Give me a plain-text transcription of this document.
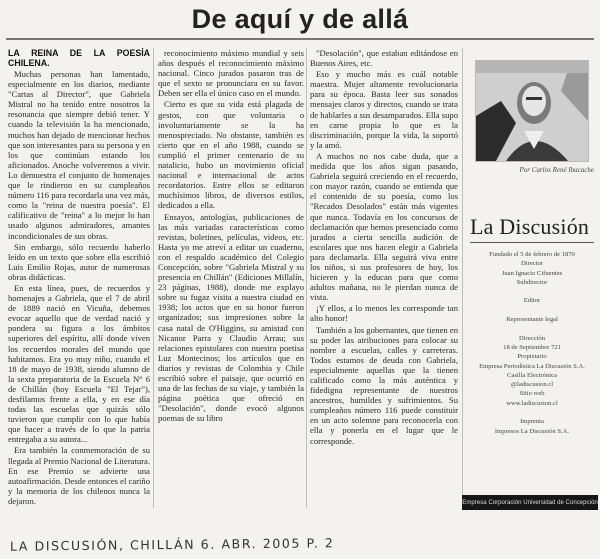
De aquí y de allá

LA REINA DE LA POESÍA CHILENA.

Muchas personas han lamentado, especialmente en los diarios, mediante "Cartas al Director", que Gabriela Mistral no ha tenido entre nosotros la resonancia que siempre debió tener. Y cuando la televisión la ha mencionado, muchos han dejado de mencionar hechos que son interesantes para su persona y en los que continúan estando los aficionados. Anoche volveremos a vivir. Lo demuestra el conjunto de homenajes que le rindieron en su cumpleaños número 116 para recordarla una vez más, como la "reina de nuestra poesía". El calificativo de "reina" a lo mejor lo han usado algunos admiradores, amantes incondicionales de sus obras.

Sin embargo, sólo recuerdo haberlo leído en un texto que sobre ella escribió Luis Emilio Rojas, autor de numerosas obras didácticas.

En esta línea, pues, de recuerdos y homenajes a Gabriela, que el 7 de abril de 1889 nació en Vicuña, debemos evocar aquello que de verdad nació y pondera su figura a los ámbitos superiores del espíritu, allí donde viven los recuerdos morales del mundo que habitamos. Era yo muy niño, cuando el 18 de mayo de 1938, siendo alumno de la sexta preparatoria de la Escuela N° 6 de Chillán (hoy Escuela "El Tejar"), desfilamos frente a ella, y en ese día todas las escuelas que quizás sólo tuvieron que cumplir con lo que había que hacer a través de lo que la patria entregaba a su autora...

Era también la conmemoración de su llegada al Premio Nacional de Literatura. En ese Premio se advierte una autoafirmación. Desde entonces el cariño y la memoria de los chilenos nunca la dejaron.

reconocimiento máximo mundial y seis años después el reconocimiento máximo nacional. Cinco jurados pasaron tras de que el sexto se pronunciara en su favor. Deben ser ella el único caso en el mundo.

Cierto es que su vida está plagada de gestos, con que voluntaria o involuntariamente se la ha menospreciado. No obstante, también es cierto que en el año 1988, cuando se cumplió el primer centenario de su natalicio, hubo un movimiento oficial nacional e internacional de actos recordatorios. Entre ellos se editaron muchísimos libros, de diversos estilos, dedicados a ella.

Ensayos, antologías, publicaciones de las más variadas características como revistas, boletines, películas, videos, etc. Hasta yo me atreví a editar un cuaderno, con el respaldo académico del Colegio Concepción, sobre "Gabriela Mistral y su presencia en Chillán" (Ediciones Millalín, 23 páginas, 1988), donde me explayo sobre su fugaz visita a nuestra ciudad en 1938; los actos que en su honor fueron organizados; sus impresiones sobre la casa natal de O'Higgins, su amistad con Nicanor Parra y Claudio Arrau; sus relaciones epistolares con nuestra poetisa Luz Montecinos; los artículos que en diarios y revistas de Colombia y Chile escribió sobre el paisaje, que ocurrió en una de las fechas de su viaje, y también la página poética que ofreció en "Desolación", donde evocó algunos poemas de su libro

"Desolación", que estaban editándose en Buenos Aires, etc.

Eso y mucho más es cuál notable maestra. Mujer altamente revolucionaria para su época. Basta leer sus sonados mensajes claros y directos, cuando se trata de hablarles a sus desamparados. Ella supo en carne propia lo que es la discriminación, porque la vida, la soportó y la amó.

A muchos no nos cabe duda, que a medida que los años sigan pasando, Gabriela seguirá creciendo en el recuerdo, con mayor razón, cuando se entienda que el contenido de su poesía, como los "Recados Desolados" están más vigentes que nunca. Todavía en los concursos de declamación que hemos presenciado como jurados a cierta sencilla audición de escolares que nos hacen elegir a Gabriela para declamarla. Ella seguirá viva entre los niños, si sus profesores de hoy, los hicieren y la educan para que como adultos mañana, no le pierdan nunca de vista.

¡Y ellos, a lo menos les corresponde tan alto honor!

También a los gobernantes, que tienen en su poder las atribuciones para colocar su nombre a escuelas, calles y carreteras. Todos estamos de deuda con Gabriela, especialmente aquellas que la tienen calificado como la más auténtica y fidedigna representante de nuestros ancestros, humildes y sufrimientos. Su cumpleaños número 116 puede constituir en un acto solemne para reconocerla con ella y ponerla en el lugar que le corresponde.

Por Carlos René Ibacache
La Discusión
Fundado el 5 de febrero de 1870
Director
Juan Ignacio Cifuentes
Subdirector

Editor

Representante legal

Dirección
18 de Septiembre 721
Propietario
Empresa Periodística La Discusión S.A.
Casilla Electrónica
@ladiscusion.cl
Sitio web
www.ladiscusion.cl

Imprenta
Impresos La Discusión S.A.
Empresa Corporación Universidad de Concepción
LA DISCUSIÓN, CHILLÁN 6. ABR. 2005 P. 2
